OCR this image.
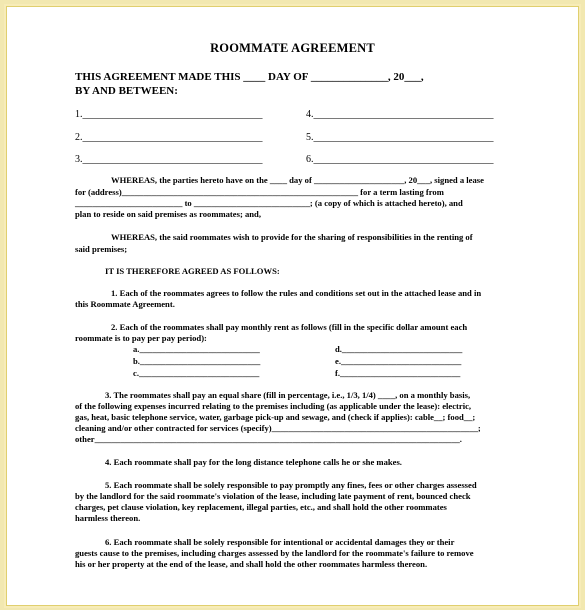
ROOMMATE AGREEMENT
THIS AGREEMENT MADE THIS ____ DAY OF ______________, 20___,
BY AND BETWEEN:
1.____________________________________
2.____________________________________
3.____________________________________
4.____________________________________
5.____________________________________
6.____________________________________
WHEREAS, the parties hereto have on the ____ day of _____________________, 20___, signed a lease
for (address)_______________________________________________________ for a term lasting from
_________________________ to ___________________________; (a copy of which is attached hereto), and
plan to reside on said premises as roommates; and,
WHEREAS, the said roommates wish to provide for the sharing of responsibilities in the renting of
said premises;
IT IS THEREFORE AGREED AS FOLLOWS:
1. Each of the roommates agrees to follow the rules and conditions set out in the attached lease and in
this Roommate Agreement.
2. Each of the roommates shall pay monthly rent as follows (fill in the specific dollar amount each
roommate is to pay per pay period):
a.____________________________
b.____________________________
c.____________________________
d.____________________________
e.____________________________
f.____________________________
3. The roommates shall pay an equal share (fill in percentage, i.e., 1/3, 1/4) ____, on a monthly basis,
of the following expenses incurred relating to the premises including (as applicable under the lease): electric,
gas, heat, basic telephone service, water, garbage pick-up and sewage, and (check if applies): cable__; food__;
cleaning and/or other contracted for services (specify)________________________________________________;
other_____________________________________________________________________________________.
4. Each roommate shall pay for the long distance telephone calls he or she makes.
5. Each roommate shall be solely responsible to pay promptly any fines, fees or other charges assessed
by the landlord for the said roommate's violation of the lease, including late payment of rent, bounced check
charges, pet clause violation, key replacement, illegal parties, etc., and shall hold the other roommates
harmless thereon.
6. Each roommate shall be solely responsible for intentional or accidental damages they or their
guests cause to the premises, including charges assessed by the landlord for the roommate's failure to remove
his or her property at the end of the lease, and shall hold the other roommates harmless thereon.
